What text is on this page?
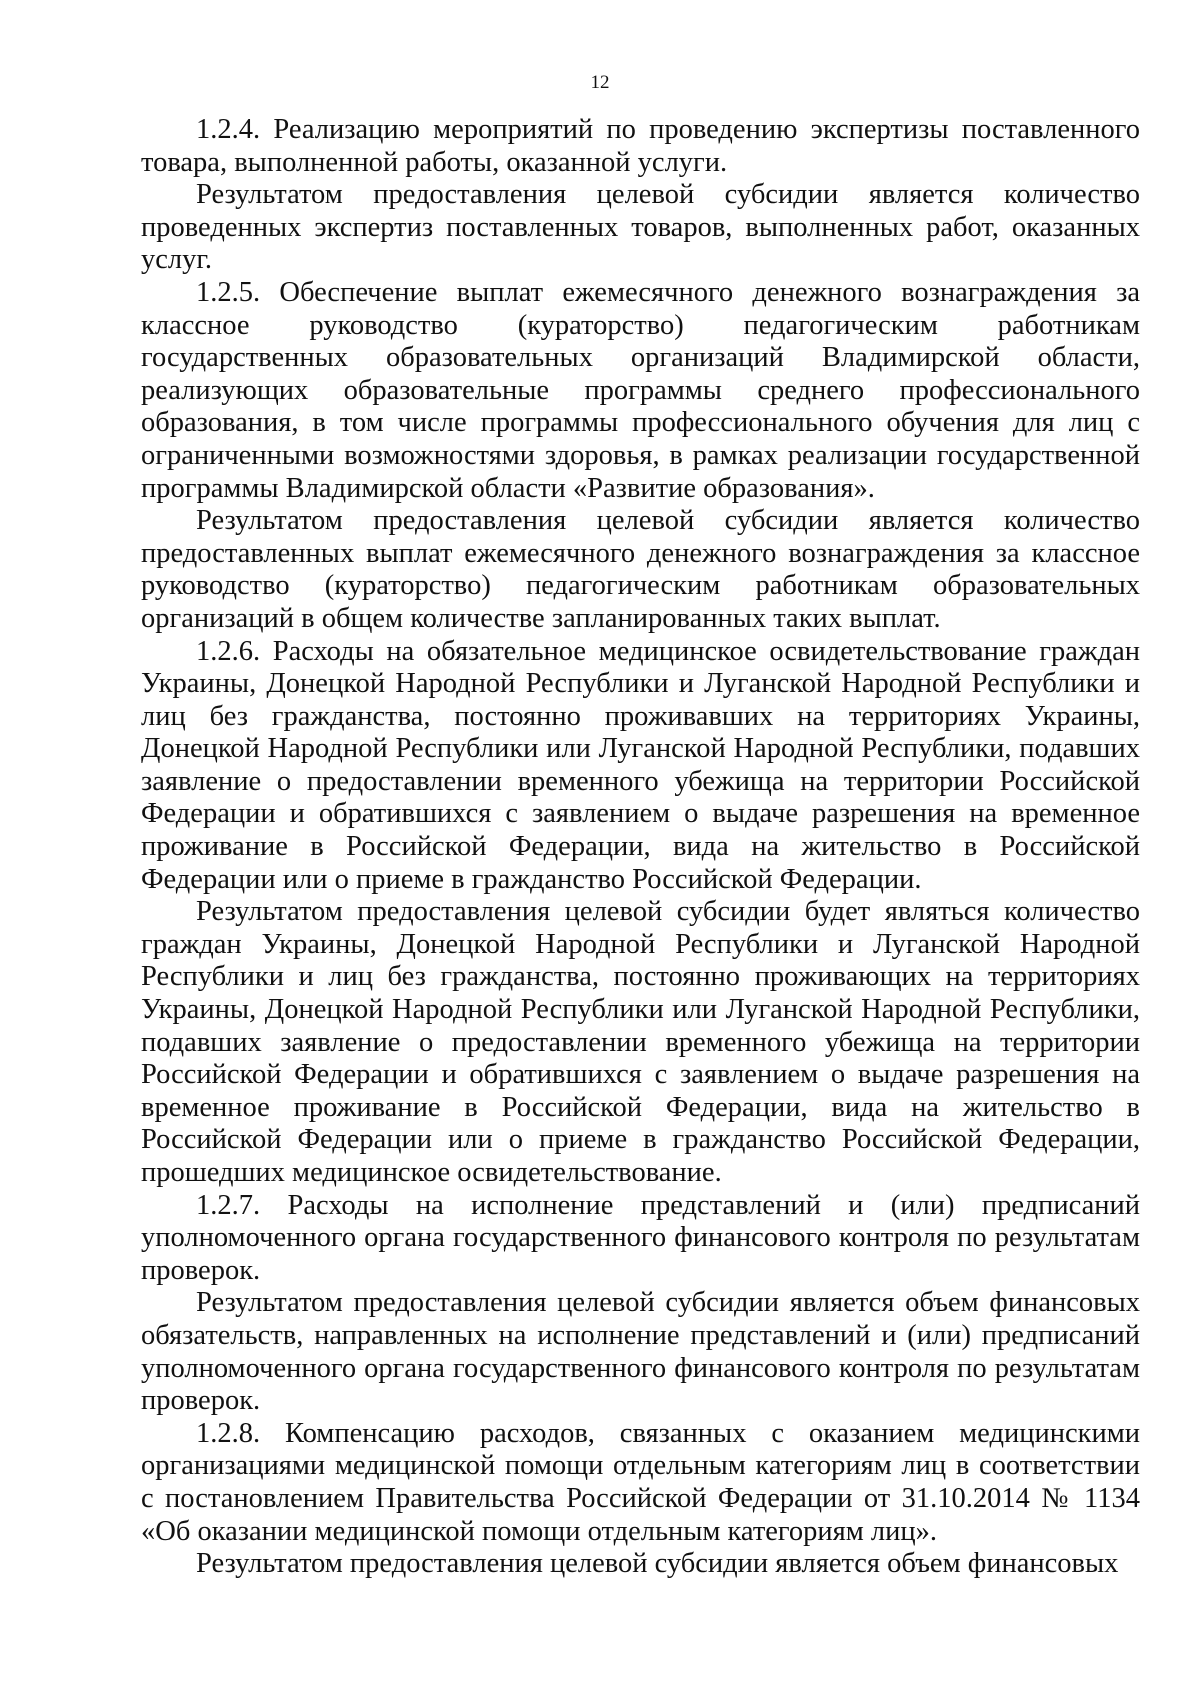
12

1.2.4. Реализацию мероприятий по проведению экспертизы поставленного товара, выполненной работы, оказанной услуги.

Результатом предоставления целевой субсидии является количество проведенных экспертиз поставленных товаров, выполненных работ, оказанных услуг.

1.2.5. Обеспечение выплат ежемесячного денежного вознаграждения за классное руководство (кураторство) педагогическим работникам государственных образовательных организаций Владимирской области, реализующих образовательные программы среднего профессионального образования, в том числе программы профессионального обучения для лиц с ограниченными возможностями здоровья, в рамках реализации государственной программы Владимирской области «Развитие образования».

Результатом предоставления целевой субсидии является количество предоставленных выплат ежемесячного денежного вознаграждения за классное руководство (кураторство) педагогическим работникам образовательных организаций в общем количестве запланированных таких выплат.

1.2.6. Расходы на обязательное медицинское освидетельствование граждан Украины, Донецкой Народной Республики и Луганской Народной Республики и лиц без гражданства, постоянно проживавших на территориях Украины, Донецкой Народной Республики или Луганской Народной Республики, подавших заявление о предоставлении временного убежища на территории Российской Федерации и обратившихся с заявлением о выдаче разрешения на временное проживание в Российской Федерации, вида на жительство в Российской Федерации или о приеме в гражданство Российской Федерации.

Результатом предоставления целевой субсидии будет являться количество граждан Украины, Донецкой Народной Республики и Луганской Народной Республики и лиц без гражданства, постоянно проживающих на территориях Украины, Донецкой Народной Республики или Луганской Народной Республики, подавших заявление о предоставлении временного убежища на территории Российской Федерации и обратившихся с заявлением о выдаче разрешения на временное проживание в Российской Федерации, вида на жительство в Российской Федерации или о приеме в гражданство Российской Федерации, прошедших медицинское освидетельствование.

1.2.7. Расходы на исполнение представлений и (или) предписаний уполномоченного органа государственного финансового контроля по результатам проверок.

Результатом предоставления целевой субсидии является объем финансовых обязательств, направленных на исполнение представлений и (или) предписаний уполномоченного органа государственного финансового контроля по результатам проверок.

1.2.8. Компенсацию расходов, связанных с оказанием медицинскими организациями медицинской помощи отдельным категориям лиц в соответствии с постановлением Правительства Российской Федерации от 31.10.2014 № 1134 «Об оказании медицинской помощи отдельным категориям лиц».

Результатом предоставления целевой субсидии является объем финансовых
